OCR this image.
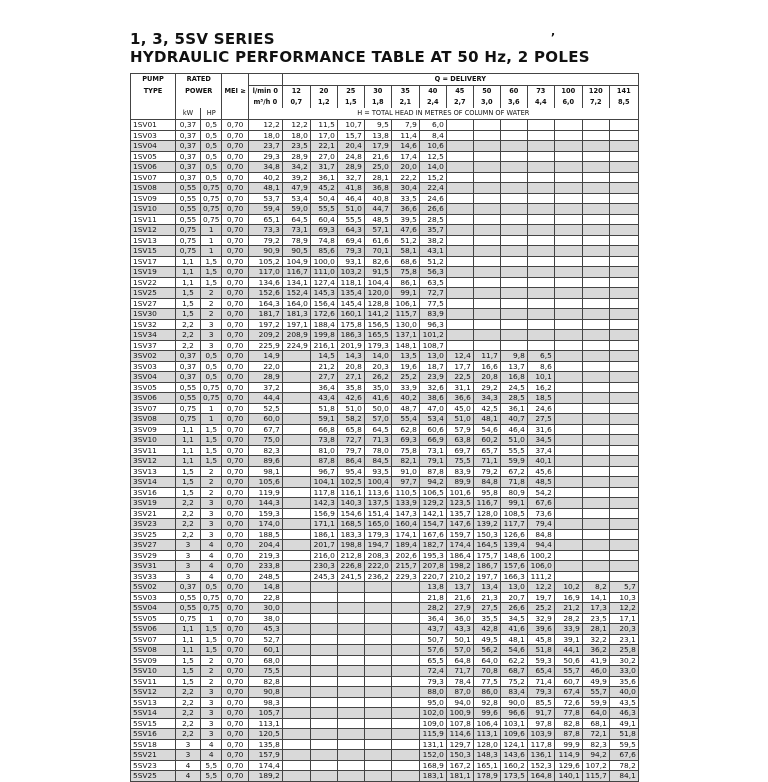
1, 3, 5SV SERIES
HYDRAULIC PERFORMANCE TABLE AT 50 Hz, 2 POLES
,
PUMP	RATED				Q = DELIVERY												
TYPE	POWER		MEI ≥	l/min 0	12	20	25	30	35	40	45	50	60	73	100	120	141
				m³/h 0	0,7	1,2	1,5	1,8	2,1	2,4	2,7	3,0	3,6	4,4	6,0	7,2	8,5
	kW	HP		H = TOTAL HEAD IN METRES OF COLUMN OF WATER													
1SV01	0,37	0,5	0,70	12,2	12,2	11,5	10,7	9,5	7,9	6,0							
1SV03	0,37	0,5	0,70	18,0	18,0	17,0	15,7	13,8	11,4	8,4							
1SV04	0,37	0,5	0,70	23,7	23,5	22,1	20,4	17,9	14,6	10,6							
1SV05	0,37	0,5	0,70	29,3	28,9	27,0	24,8	21,6	17,4	12,5							
1SV06	0,37	0,5	0,70	34,8	34,2	31,7	28,9	25,0	20,0	14,0							
1SV07	0,37	0,5	0,70	40,2	39,2	36,1	32,7	28,1	22,2	15,2							
1SV08	0,55	0,75	0,70	48,1	47,9	45,2	41,8	36,8	30,4	22,4							
1SV09	0,55	0,75	0,70	53,7	53,4	50,4	46,4	40,8	33,5	24,6							
1SV10	0,55	0,75	0,70	59,4	59,0	55,5	51,0	44,7	36,6	26,6							
1SV11	0,55	0,75	0,70	65,1	64,5	60,4	55,5	48,5	39,5	28,5							
1SV12	0,75	1	0,70	73,3	73,1	69,3	64,3	57,1	47,6	35,7							
1SV13	0,75	1	0,70	79,2	78,9	74,8	69,4	61,6	51,2	38,2							
1SV15	0,75	1	0,70	90,9	90,5	85,6	79,3	70,1	58,1	43,1							
1SV17	1,1	1,5	0,70	105,2	104,9	100,0	93,1	82,6	68,6	51,2							
1SV19	1,1	1,5	0,70	117,0	116,7	111,0	103,2	91,5	75,8	56,3							
1SV22	1,1	1,5	0,70	134,6	134,1	127,4	118,1	104,4	86,1	63,5							
1SV25	1,5	2	0,70	152,6	152,4	145,3	135,4	120,0	99,1	72,7							
1SV27	1,5	2	0,70	164,3	164,0	156,4	145,4	128,8	106,1	77,5							
1SV30	1,5	2	0,70	181,7	181,3	172,6	160,1	141,2	115,7	83,9							
1SV32	2,2	3	0,70	197,2	197,1	188,4	175,8	156,5	130,0	96,3							
1SV34	2,2	3	0,70	209,2	208,9	199,8	186,3	165,5	137,1	101,2							
1SV37	2,2	3	0,70	225,9	224,9	216,1	201,9	179,3	148,1	108,7							
3SV02	0,37	0,5	0,70	14,9		14,5	14,3	14,0	13,5	13,0	12,4	11,7	9,8	6,5			
3SV03	0,37	0,5	0,70	22,0		21,2	20,8	20,3	19,6	18,7	17,7	16,6	13,7	8,6			
3SV04	0,37	0,5	0,70	28,9		27,7	27,1	26,2	25,2	23,9	22,5	20,8	16,8	10,1			
3SV05	0,55	0,75	0,70	37,2		36,4	35,8	35,0	33,9	32,6	31,1	29,2	24,5	16,2			
3SV06	0,55	0,75	0,70	44,4		43,4	42,6	41,6	40,2	38,6	36,6	34,3	28,5	18,5			
3SV07	0,75	1	0,70	52,5		51,8	51,0	50,0	48,7	47,0	45,0	42,5	36,1	24,6			
3SV08	0,75	1	0,70	60,0		59,1	58,2	57,0	55,4	53,4	51,0	48,1	40,7	27,5			
3SV09	1,1	1,5	0,70	67,7		66,8	65,8	64,5	62,8	60,6	57,9	54,6	46,4	31,6			
3SV10	1,1	1,5	0,70	75,0		73,8	72,7	71,3	69,3	66,9	63,8	60,2	51,0	34,5			
3SV11	1,1	1,5	0,70	82,3		81,0	79,7	78,0	75,8	73,1	69,7	65,7	55,5	37,4			
3SV12	1,1	1,5	0,70	89,6		87,8	86,4	84,5	82,1	79,1	75,5	71,1	59,9	40,1			
3SV13	1,5	2	0,70	98,1		96,7	95,4	93,5	91,0	87,8	83,9	79,2	67,2	45,6			
3SV14	1,5	2	0,70	105,6		104,1	102,5	100,4	97,7	94,2	89,9	84,8	71,8	48,5			
3SV16	1,5	2	0,70	119,9		117,8	116,1	113,6	110,5	106,5	101,6	95,8	80,9	54,2			
3SV19	2,2	3	0,70	144,3		142,3	140,3	137,5	133,9	129,2	123,5	116,7	99,1	67,6			
3SV21	2,2	3	0,70	159,3		156,9	154,6	151,4	147,3	142,1	135,7	128,0	108,5	73,6			
3SV23	2,2	3	0,70	174,0		171,1	168,5	165,0	160,4	154,7	147,6	139,2	117,7	79,4			
3SV25	2,2	3	0,70	188,5		186,1	183,3	179,3	174,1	167,6	159,7	150,3	126,6	84,8			
3SV27	3	4	0,70	204,4		201,7	198,8	194,7	189,4	182,7	174,4	164,5	139,4	94,4			
3SV29	3	4	0,70	219,3		216,0	212,8	208,3	202,6	195,3	186,4	175,7	148,6	100,2			
3SV31	3	4	0,70	233,8		230,3	226,8	222,0	215,7	207,8	198,2	186,7	157,6	106,0			
3SV33	3	4	0,70	248,5		245,3	241,5	236,2	229,3	220,7	210,2	197,7	166,3	111,2			
5SV02	0,37	0,5	0,70	14,8						13,8	13,7	13,4	13,0	12,2	10,2	8,2	5,7
5SV03	0,55	0,75	0,70	22,8						21,8	21,6	21,3	20,7	19,7	16,9	14,1	10,3
5SV04	0,55	0,75	0,70	30,0						28,2	27,9	27,5	26,6	25,2	21,2	17,3	12,2
5SV05	0,75	1	0,70	38,0						36,4	36,0	35,5	34,5	32,9	28,2	23,5	17,1
5SV06	1,1	1,5	0,70	45,3						43,7	43,3	42,8	41,6	39,6	33,9	28,1	20,3
5SV07	1,1	1,5	0,70	52,7						50,7	50,1	49,5	48,1	45,8	39,1	32,2	23,1
5SV08	1,1	1,5	0,70	60,1						57,6	57,0	56,2	54,6	51,8	44,1	36,2	25,8
5SV09	1,5	2	0,70	68,0						65,5	64,8	64,0	62,2	59,3	50,6	41,9	30,2
5SV10	1,5	2	0,70	75,5						72,4	71,7	70,8	68,7	65,4	55,7	46,0	33,0
5SV11	1,5	2	0,70	82,8						79,3	78,4	77,5	75,2	71,4	60,7	49,9	35,6
5SV12	2,2	3	0,70	90,8						88,0	87,0	86,0	83,4	79,3	67,4	55,7	40,0
5SV13	2,2	3	0,70	98,3						95,0	94,0	92,8	90,0	85,5	72,6	59,9	43,5
5SV14	2,2	3	0,70	105,7						102,0	100,9	99,6	96,6	91,7	77,8	64,0	46,3
5SV15	2,2	3	0,70	113,1						109,0	107,8	106,4	103,1	97,8	82,8	68,1	49,1
5SV16	2,2	3	0,70	120,5						115,9	114,6	113,1	109,6	103,9	87,8	72,1	51,8
5SV18	3	4	0,70	135,8						131,1	129,7	128,0	124,1	117,8	99,9	82,3	59,5
5SV21	3	4	0,70	157,9						152,0	150,3	148,3	143,6	136,1	114,9	94,2	67,6
5SV23	4	5,5	0,70	174,4						168,9	167,2	165,1	160,2	152,3	129,6	107,2	78,2
5SV25	4	5,5	0,70	189,2						183,1	181,1	178,9	173,5	164,8	140,1	115,7	84,1
